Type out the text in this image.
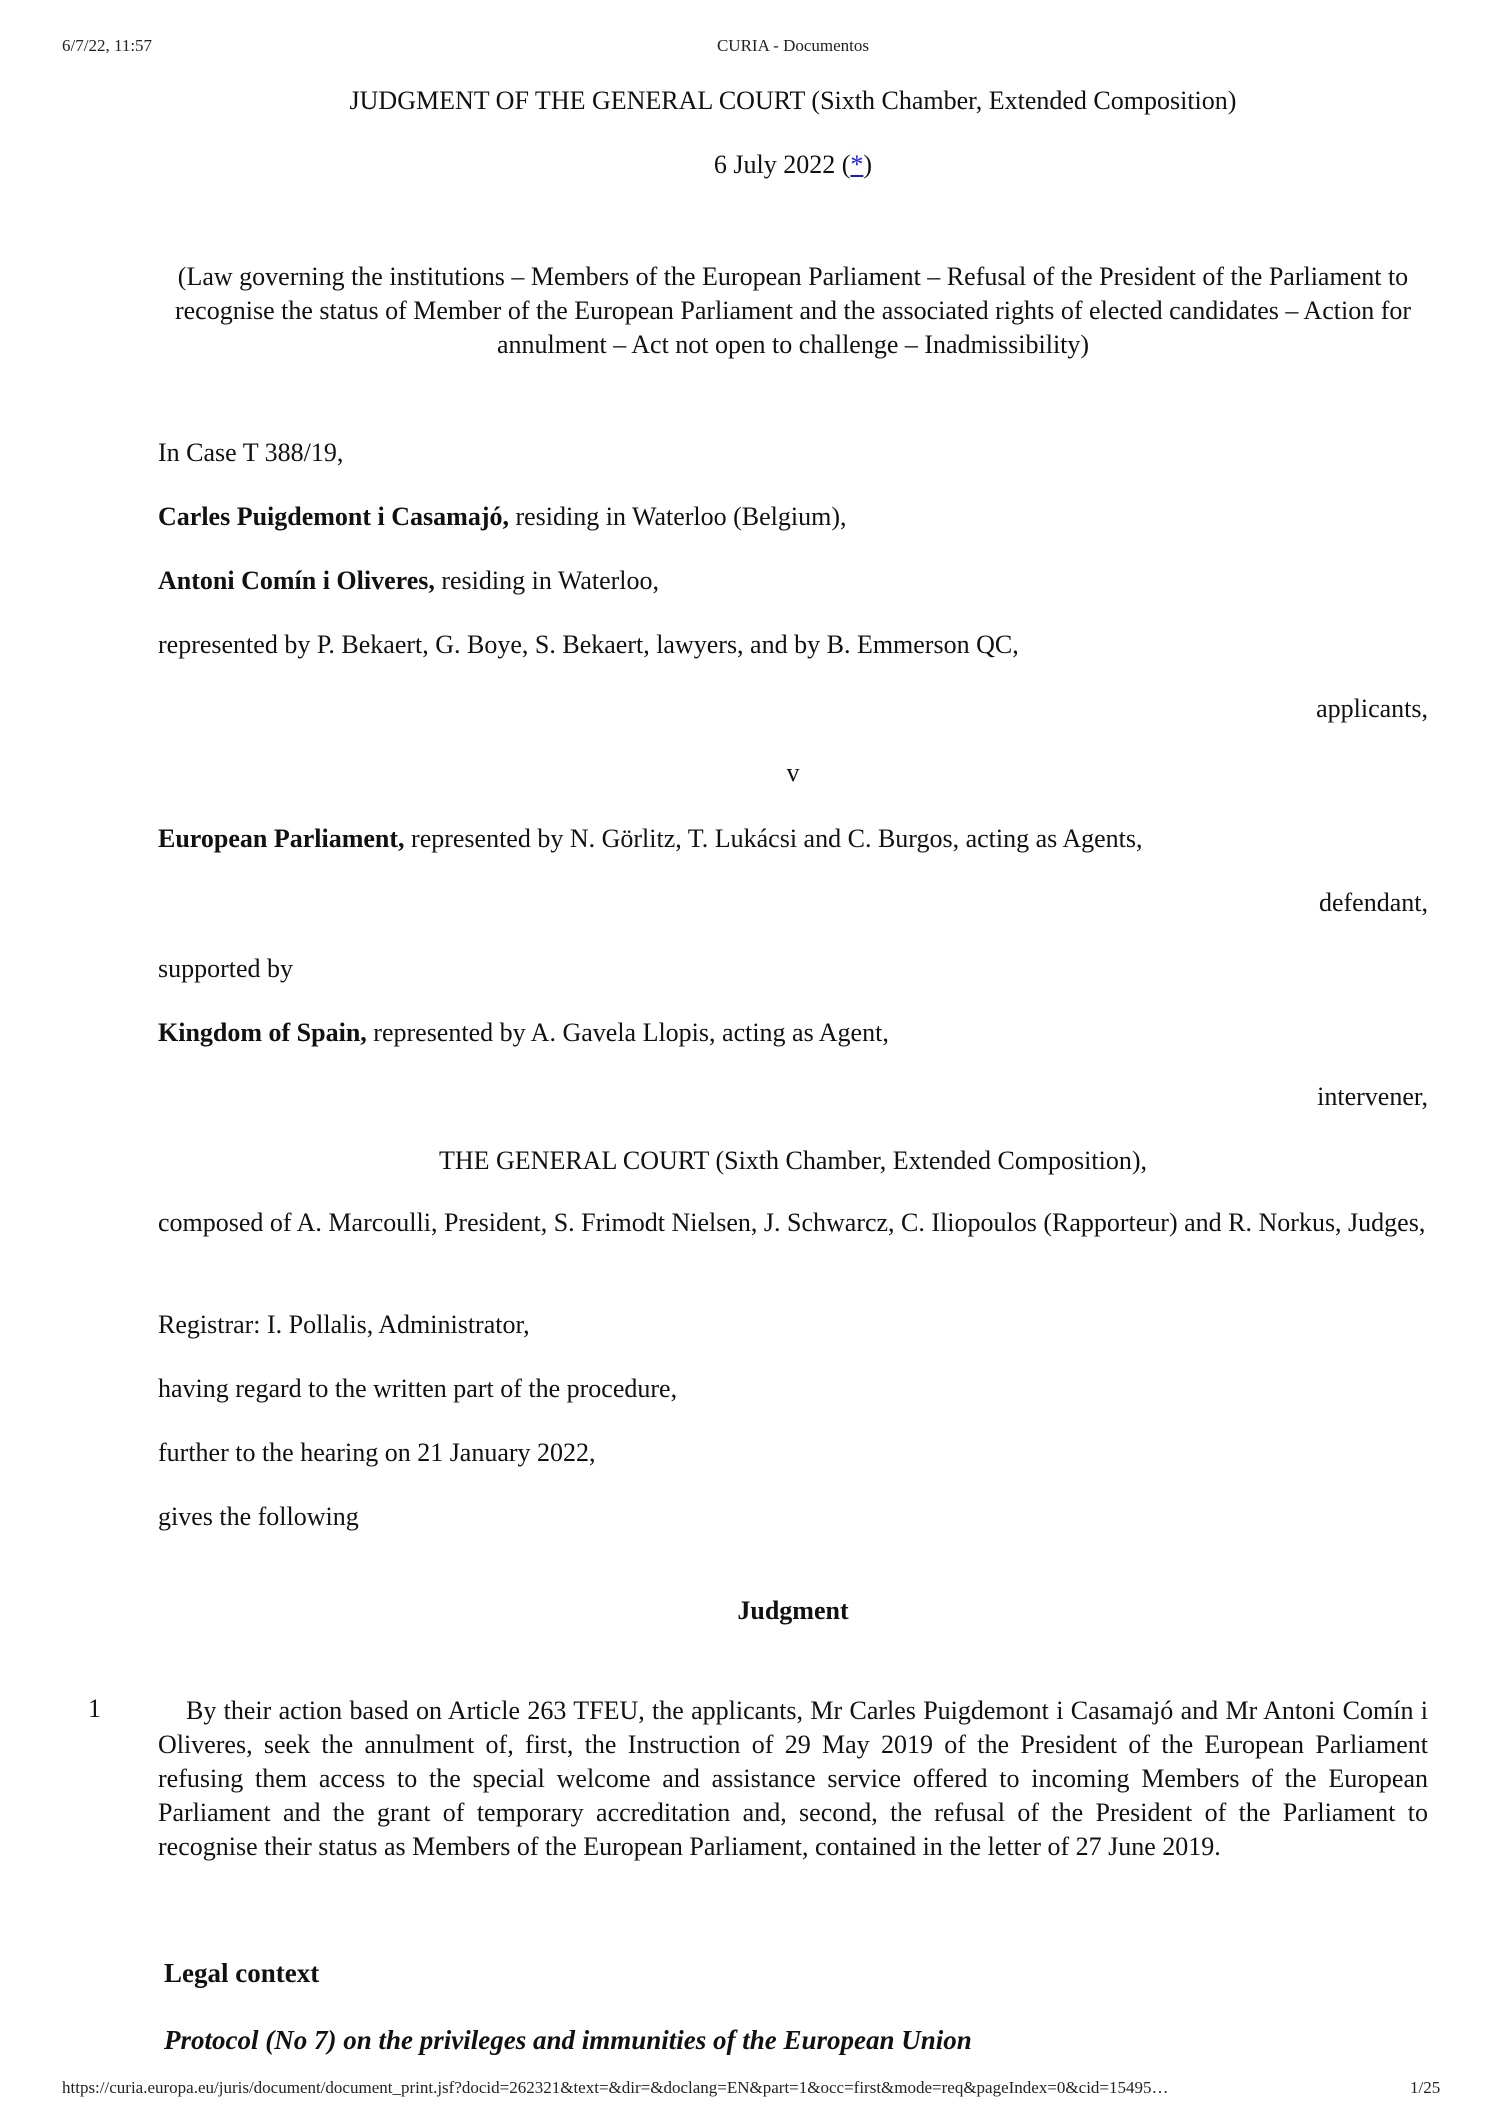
6/7/22, 11:57	CURIA - Documentos
JUDGMENT OF THE GENERAL COURT (Sixth Chamber, Extended Composition)
6 July 2022 (*)
(Law governing the institutions – Members of the European Parliament – Refusal of the President of the Parliament to recognise the status of Member of the European Parliament and the associated rights of elected candidates – Action for annulment – Act not open to challenge – Inadmissibility)
In Case T 388/19,
Carles Puigdemont i Casamajó, residing in Waterloo (Belgium),
Antoni Comín i Oliveres, residing in Waterloo,
represented by P. Bekaert, G. Boye, S. Bekaert, lawyers, and by B. Emmerson QC,
applicants,
v
European Parliament, represented by N. Görlitz, T. Lukácsi and C. Burgos, acting as Agents,
defendant,
supported by
Kingdom of Spain, represented by A. Gavela Llopis, acting as Agent,
intervener,
THE GENERAL COURT (Sixth Chamber, Extended Composition),
composed of A. Marcoulli, President, S. Frimodt Nielsen, J. Schwarcz, C. Iliopoulos (Rapporteur) and R. Norkus, Judges,
Registrar: I. Pollalis, Administrator,
having regard to the written part of the procedure,
further to the hearing on 21 January 2022,
gives the following
Judgment
1	By their action based on Article 263 TFEU, the applicants, Mr Carles Puigdemont i Casamajó and Mr Antoni Comín i Oliveres, seek the annulment of, first, the Instruction of 29 May 2019 of the President of the European Parliament refusing them access to the special welcome and assistance service offered to incoming Members of the European Parliament and the grant of temporary accreditation and, second, the refusal of the President of the Parliament to recognise their status as Members of the European Parliament, contained in the letter of 27 June 2019.
Legal context
Protocol (No 7) on the privileges and immunities of the European Union
https://curia.europa.eu/juris/document/document_print.jsf?docid=262321&text=&dir=&doclang=EN&part=1&occ=first&mode=req&pageIndex=0&cid=15495…	1/25
